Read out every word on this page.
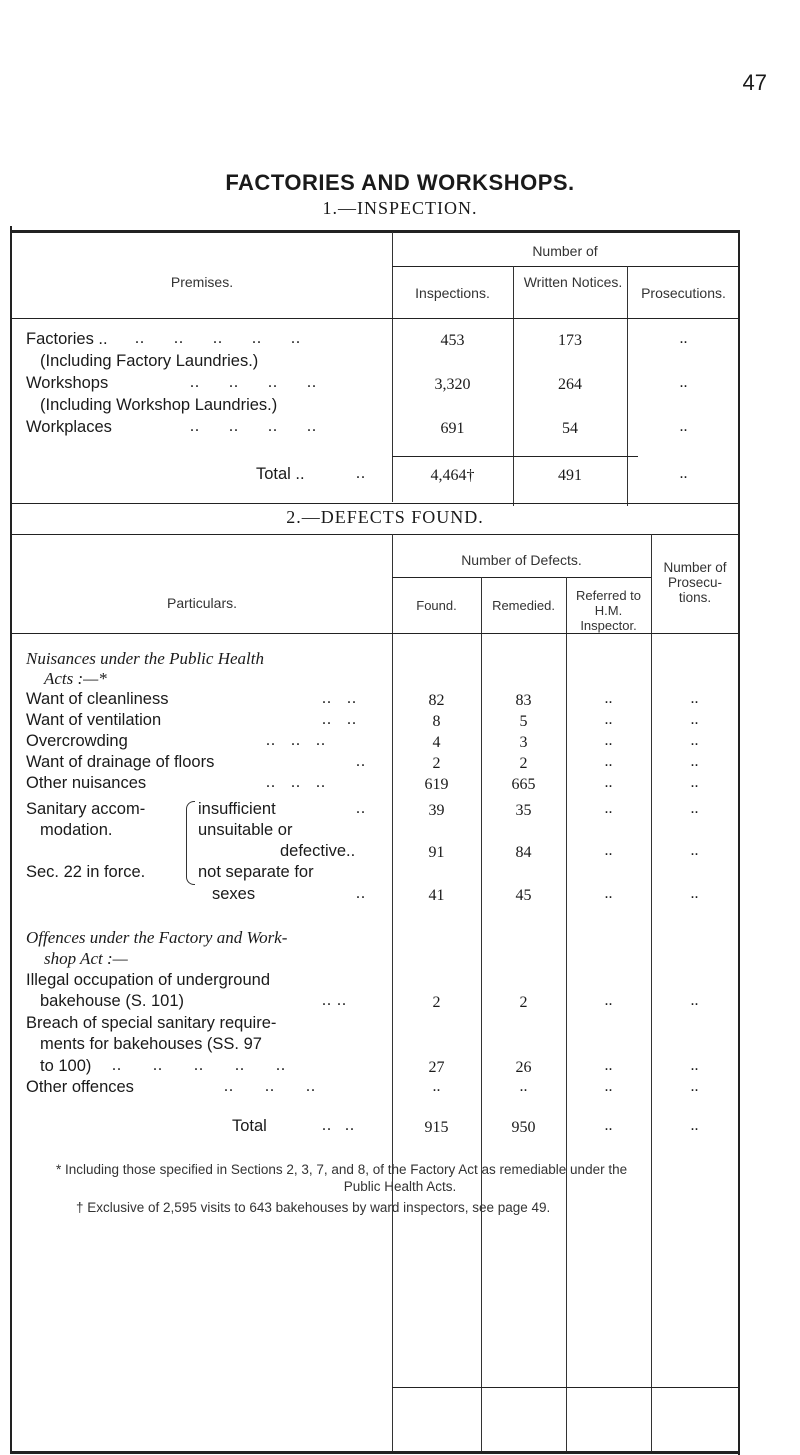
47
FACTORIES AND WORKSHOPS.
1.—INSPECTION.
Premises.
Number of
Inspections.
Written Notices.
Prosecutions.
Factories .. .. .. .. .. ..
(Including Factory Laundries.)
453	173	..
Workshops	.. .. .. ..
(Including Workshop Laundries.)
3,320	264	..
Workplaces	.. .. .. ..	691	54	..
Total ..	..	4,464†	491	..
2.—DEFECTS FOUND.
Particulars.
Number of Defects.
Found.	Remedied.
Referred to H.M. Inspector.
Number of Prosecu- tions.
Nuisances under the Public Health
Acts :—*
Want of cleanliness	.. ..	82	83	..	..
Want of ventilation	.. ..	8	5	..	..
Overcrowding	.. .. ..	4	3	..	..
Want of drainage of floors	..	2	2	..	..
Other nuisances	.. .. ..	619	665	..	..
Sanitary accom-
modation.
Sec. 22 in force.
insufficient	..	39	35	..	..
unsuitable or
defective..	91	84	..	..
not separate for
sexes	..	41	45	..	..
Offences under the Factory and Work-
shop Act :—
Illegal occupation of underground
bakehouse (S. 101)	.. ..	2	2	..	..
Breach of special sanitary require-
ments for bakehouses (SS. 97
to 100) .. .. .. .. ..	27	26	..	..
Other offences	.. .. ..	..	..	..	..
Total	.. ..	915	950	..	..
* Including those specified in Sections 2, 3, 7, and 8, of the Factory Act as remediable under the
Public Health Acts.
† Exclusive of 2,595 visits to 643 bakehouses by ward inspectors, see page 49.
